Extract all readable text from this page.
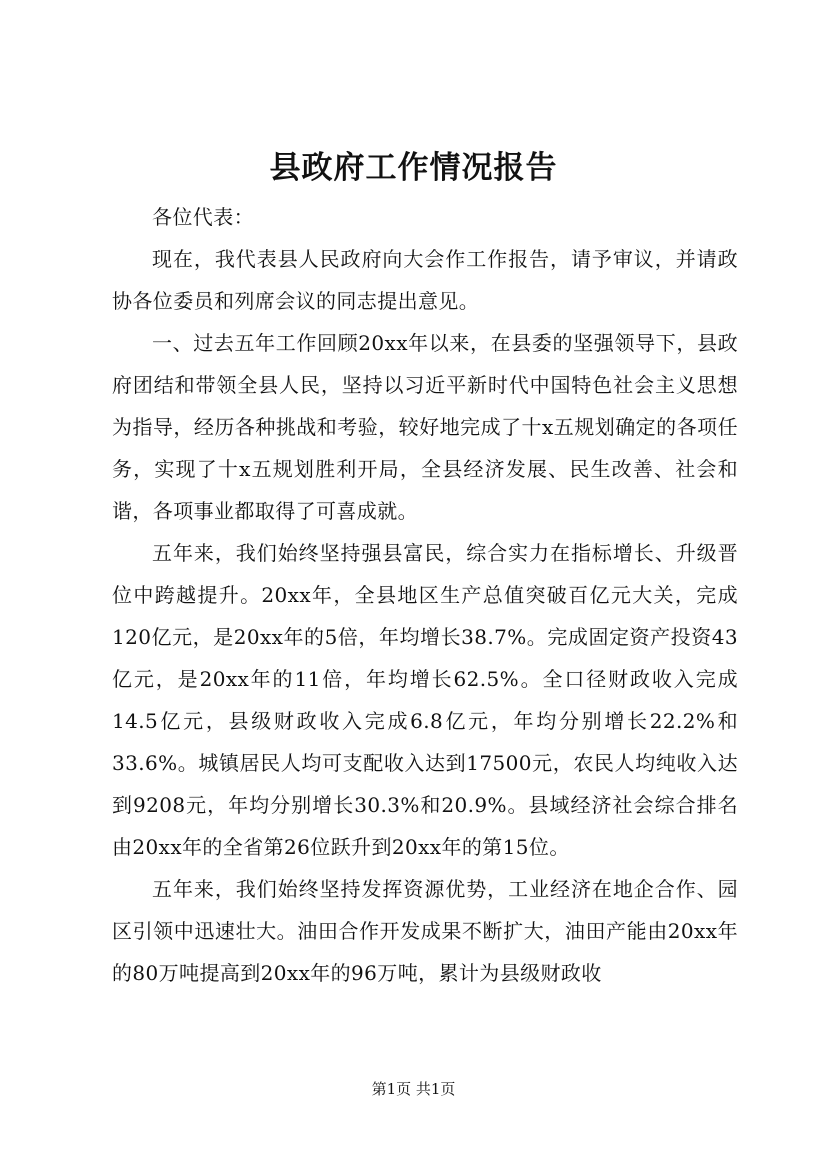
县政府工作情况报告

各位代表：

现在，我代表县人民政府向大会作工作报告，请予审议，并请政协各位委员和列席会议的同志提出意见。

一、过去五年工作回顾20xx年以来，在县委的坚强领导下，县政府团结和带领全县人民，坚持以习近平新时代中国特色社会主义思想为指导，经历各种挑战和考验，较好地完成了十x五规划确定的各项任务，实现了十x五规划胜利开局，全县经济发展、民生改善、社会和谐，各项事业都取得了可喜成就。

五年来，我们始终坚持强县富民，综合实力在指标增长、升级晋位中跨越提升。20xx年，全县地区生产总值突破百亿元大关，完成120亿元，是20xx年的5倍，年均增长38.7%。完成固定资产投资43亿元，是20xx年的11倍，年均增长62.5%。全口径财政收入完成14.5亿元，县级财政收入完成6.8亿元，年均分别增长22.2%和33.6%。城镇居民人均可支配收入达到17500元，农民人均纯收入达到9208元，年均分别增长30.3%和20.9%。县域经济社会综合排名由20xx年的全省第26位跃升到20xx年的第15位。

五年来，我们始终坚持发挥资源优势，工业经济在地企合作、园区引领中迅速壮大。油田合作开发成果不断扩大，油田产能由20xx年的80万吨提高到20xx年的96万吨，累计为县级财政收

第1页 共1页
